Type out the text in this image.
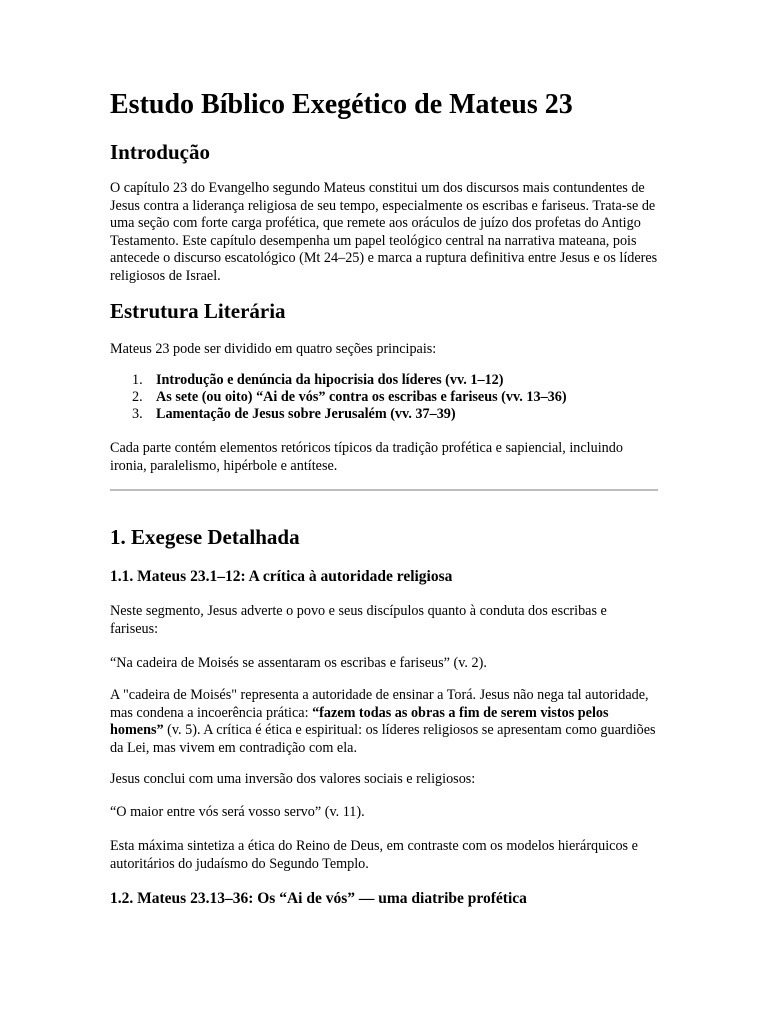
Estudo Bíblico Exegético de Mateus 23
Introdução

O capítulo 23 do Evangelho segundo Mateus constitui um dos discursos mais contundentes de Jesus contra a liderança religiosa de seu tempo, especialmente os escribas e fariseus. Trata-se de uma seção com forte carga profética, que remete aos oráculos de juízo dos profetas do Antigo Testamento. Este capítulo desempenha um papel teológico central na narrativa mateana, pois antecede o discurso escatológico (Mt 24–25) e marca a ruptura definitiva entre Jesus e os líderes religiosos de Israel.

Estrutura Literária

Mateus 23 pode ser dividido em quatro seções principais:

1. Introdução e denúncia da hipocrisia dos líderes (vv. 1–12)
2. As sete (ou oito) “Ai de vós” contra os escribas e fariseus (vv. 13–36)
3. Lamentação de Jesus sobre Jerusalém (vv. 37–39)

Cada parte contém elementos retóricos típicos da tradição profética e sapiencial, incluindo ironia, paralelismo, hipérbole e antítese.

1. Exegese Detalhada
1.1. Mateus 23.1–12: A crítica à autoridade religiosa

Neste segmento, Jesus adverte o povo e seus discípulos quanto à conduta dos escribas e fariseus:

“Na cadeira de Moisés se assentaram os escribas e fariseus” (v. 2).

A "cadeira de Moisés" representa a autoridade de ensinar a Torá. Jesus não nega tal autoridade, mas condena a incoerência prática: “fazem todas as obras a fim de serem vistos pelos homens” (v. 5). A crítica é ética e espiritual: os líderes religiosos se apresentam como guardiões da Lei, mas vivem em contradição com ela.

Jesus conclui com uma inversão dos valores sociais e religiosos:

“O maior entre vós será vosso servo” (v. 11).

Esta máxima sintetiza a ética do Reino de Deus, em contraste com os modelos hierárquicos e autoritários do judaísmo do Segundo Templo.

1.2. Mateus 23.13–36: Os “Ai de vós” — uma diatribe profética
